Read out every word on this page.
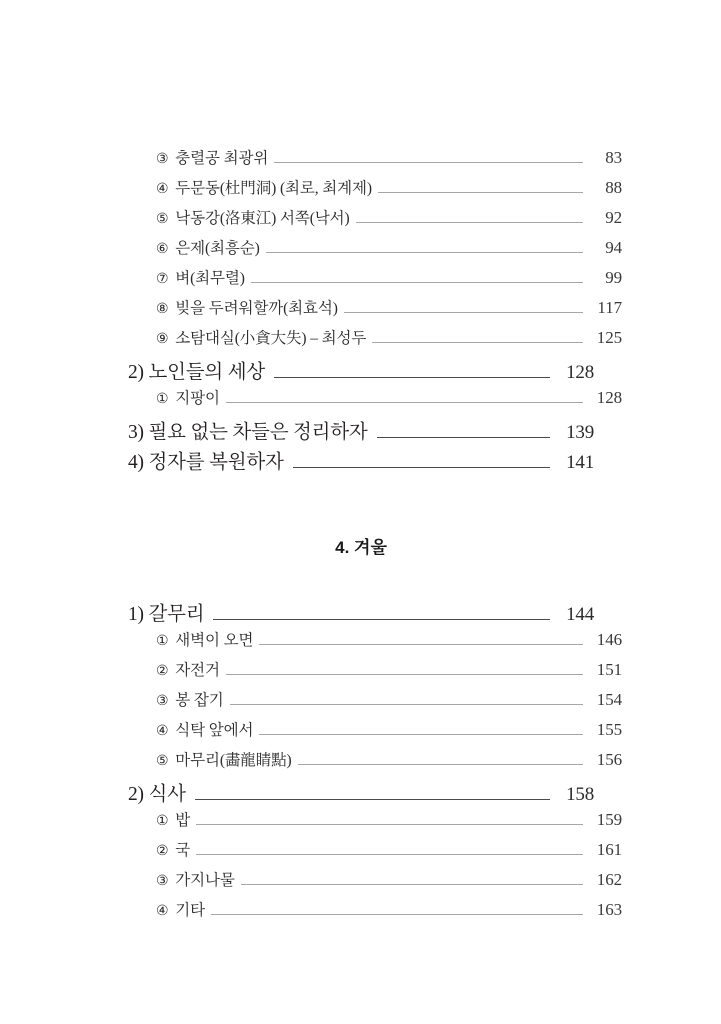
③ 충렬공 최광위	83
④ 두문동(杜門洞) (최로, 최계제)	88
⑤ 낙동강(洛東江) 서쪽(낙서)	92
⑥ 은제(최흥순)	94
⑦ 벼(최무렬)	99
⑧ 빚을 두려워할까(최효석)	117
⑨ 소탐대실(小貪大失) – 최성두	125
2) 노인들의 세상	128
① 지팡이	128
3) 필요 없는 차들은 정리하자	139
4) 정자를 복원하자	141
4. 겨울
1) 갈무리	144
① 새벽이 오면	146
② 자전거	151
③ 봉 잡기	154
④ 식탁 앞에서	155
⑤ 마무리(畵龍睛點)	156
2) 식사	158
① 밥	159
② 국	161
③ 가지나물	162
④ 기타	163
